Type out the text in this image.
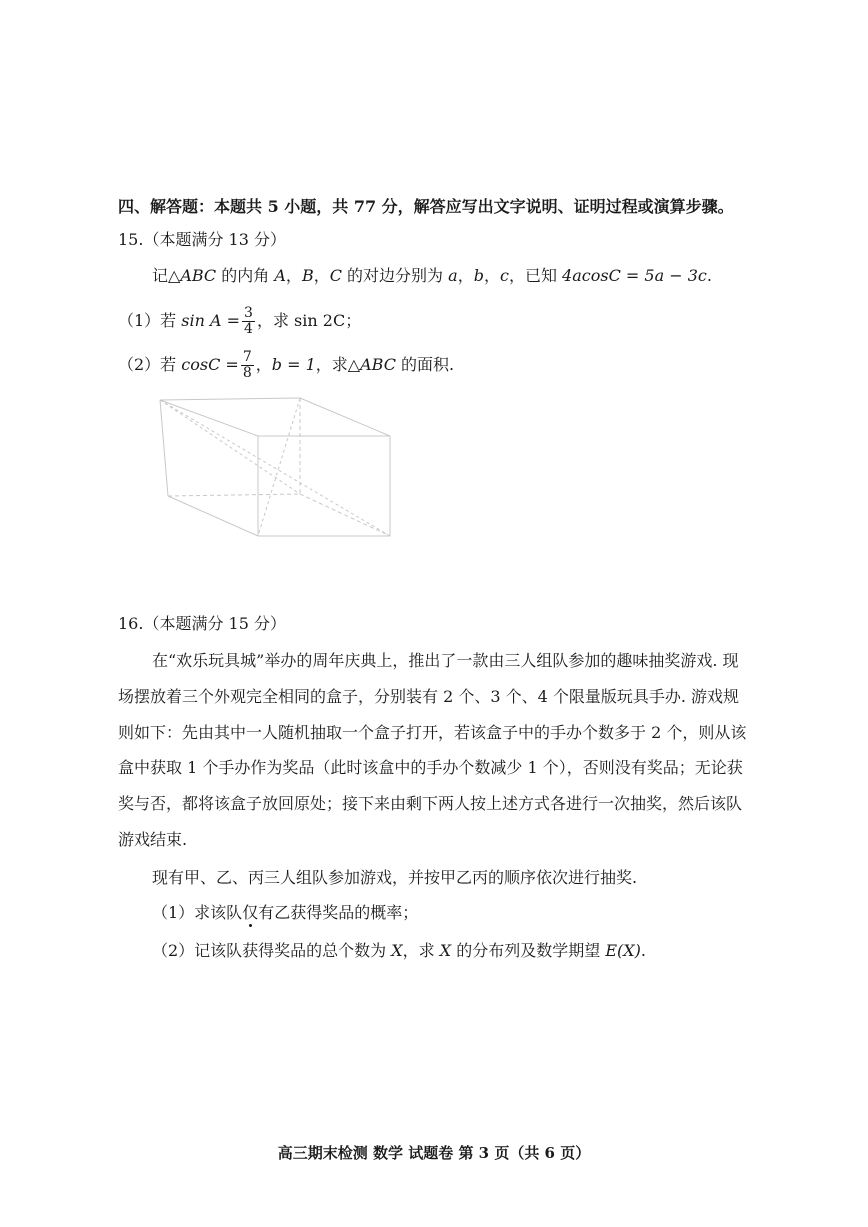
四、解答题：本题共 5 小题，共 77 分，解答应写出文字说明、证明过程或演算步骤。
15.（本题满分 13 分）
记△ABC 的内角 A，B，C 的对边分别为 a，b，c，已知 4acosC = 5a − 3c.
（1）若 $\sin A = \frac{3}{4}$ ，求 sin 2C；
（2）若 $\cos C = \frac{7}{8}$ ，b = 1，求△ABC 的面积.
16.（本题满分 15 分）
在“欢乐玩具城”举办的周年庆典上，推出了一款由三人组队参加的趣味抽奖游戏. 现
场摆放着三个外观完全相同的盒子，分别装有 2 个、3 个、4 个限量版玩具手办. 游戏规
则如下：先由其中一人随机抽取一个盒子打开，若该盒子中的手办个数多于 2 个，则从该
盒中获取 1 个手办作为奖品（此时该盒中的手办个数减少 1 个），否则没有奖品；无论获
奖与否，都将该盒子放回原处；接下来由剩下两人按上述方式各进行一次抽奖，然后该队
游戏结束.
现有甲、乙、丙三人组队参加游戏，并按甲乙丙的顺序依次进行抽奖.
（1）求该队仅有乙获得奖品的概率；
（2）记该队获得奖品的总个数为 X，求 X 的分布列及数学期望 E(X).
高三期末检测 数学 试题卷 第 3 页（共 6 页）
